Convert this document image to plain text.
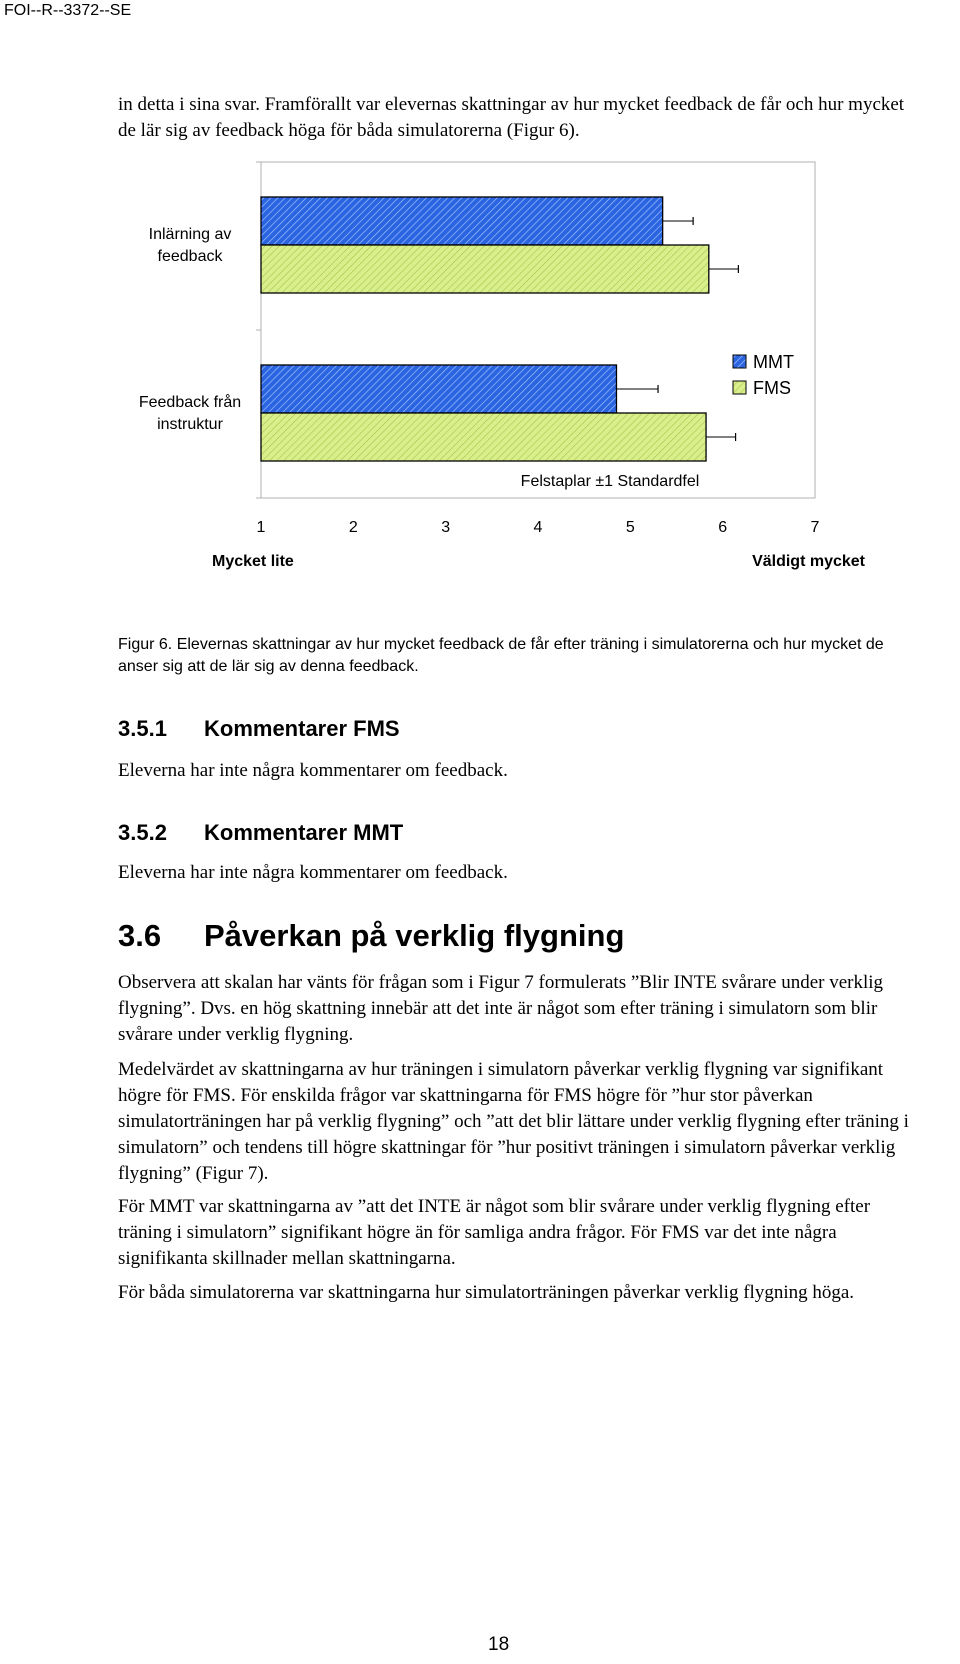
FOI--R--3372--SE

in detta i sina svar. Framförallt var elevernas skattningar av hur mycket feedback de får och hur mycket de lär sig av feedback höga för båda simulatorerna (Figur 6).

Inlärning av
feedback
Feedback från
instruktur
MMT
FMS
Felstaplar ±1 Standardfel
1	2	3	4	5	6	7
Mycket lite	Väldigt mycket
Figur 6. Elevernas skattningar av hur mycket feedback de får efter träning i simulatorerna och hur mycket de anser sig att de lär sig av denna feedback.
3.5.1 Kommentarer FMS
Eleverna har inte några kommentarer om feedback.
3.5.2 Kommentarer MMT
Eleverna har inte några kommentarer om feedback.
3.6 Påverkan på verklig flygning

Observera att skalan har vänts för frågan som i Figur 7 formulerats ”Blir INTE svårare under verklig flygning”. Dvs. en hög skattning innebär att det inte är något som efter träning i simulatorn som blir svårare under verklig flygning.

Medelvärdet av skattningarna av hur träningen i simulatorn påverkar verklig flygning var signifikant högre för FMS. För enskilda frågor var skattningarna för FMS högre för ”hur stor påverkan simulatorträningen har på verklig flygning” och ”att det blir lättare under verklig flygning efter träning i simulatorn” och tendens till högre skattningar för ”hur positivt träningen i simulatorn påverkar verklig flygning” (Figur 7).

För MMT var skattningarna av ”att det INTE är något som blir svårare under verklig flygning efter träning i simulatorn” signifikant högre än för samliga andra frågor. För FMS var det inte några signifikanta skillnader mellan skattningarna.

För båda simulatorerna var skattningarna hur simulatorträningen påverkar verklig flygning höga.

18
